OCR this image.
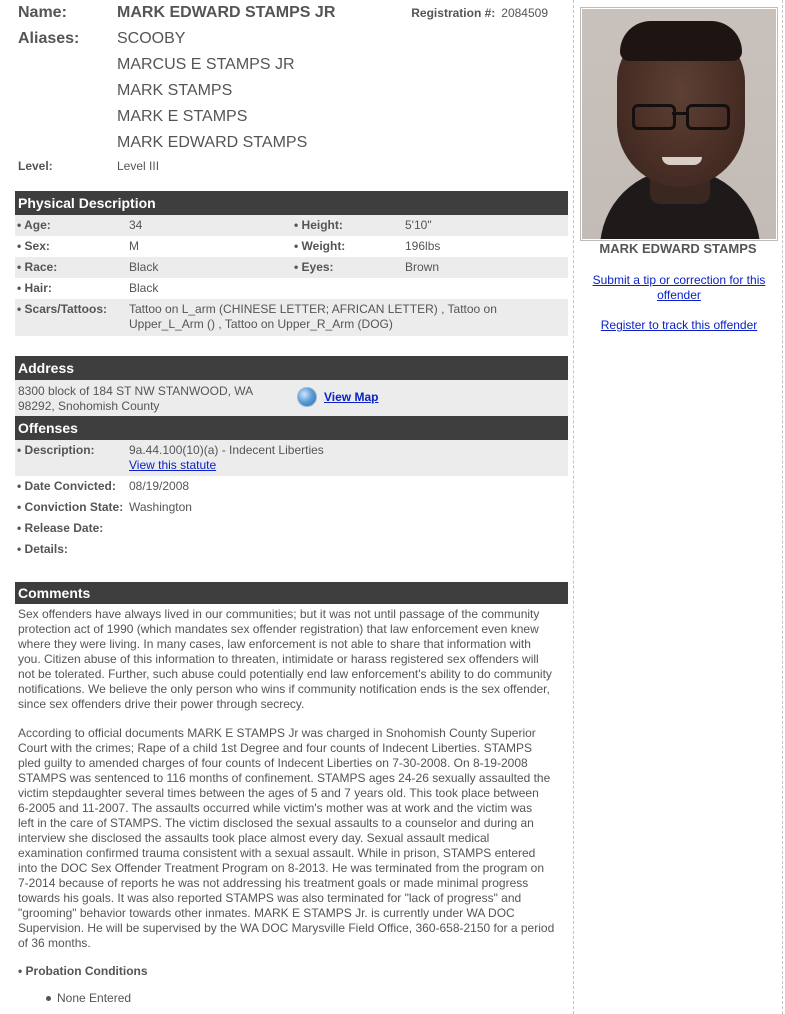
Name:	MARK EDWARD STAMPS JR	Registration #: 2084509
Aliases: SCOOBY
MARCUS E STAMPS JR
MARK STAMPS
MARK E STAMPS
MARK EDWARD STAMPS
Level:	Level III
Physical Description
• Age:	34	• Height:	5'10"
• Sex:	M	• Weight:	196lbs
• Race:	Black	• Eyes:	Brown
• Hair:	Black
• Scars/Tattoos: Tattoo on L_arm (CHINESE LETTER; AFRICAN LETTER) , Tattoo on
Upper_L_Arm () , Tattoo on Upper_R_Arm (DOG)
Address
8300 block of 184 ST NW STANWOOD, WA
98292, Snohomish County
View Map
Offenses
• Description:	9a.44.100(10)(a) - Indecent Liberties
View this statute
• Date Convicted: 08/19/2008
• Conviction State: Washington
• Release Date:
• Details:
Comments

Sex offenders have always lived in our communities; but it was not until passage of the community
protection act of 1990 (which mandates sex offender registration) that law enforcement even knew
where they were living. In many cases, law enforcement is not able to share that information with
you. Citizen abuse of this information to threaten, intimidate or harass registered sex offenders will
not be tolerated. Further, such abuse could potentially end law enforcement's ability to do community
notifications. We believe the only person who wins if community notification ends is the sex offender,
since sex offenders drive their power through secrecy.

According to official documents MARK E STAMPS Jr was charged in Snohomish County Superior
Court with the crimes; Rape of a child 1st Degree and four counts of Indecent Liberties. STAMPS
pled guilty to amended charges of four counts of Indecent Liberties on 7-30-2008. On 8-19-2008
STAMPS was sentenced to 116 months of confinement. STAMPS ages 24-26 sexually assaulted the
victim stepdaughter several times between the ages of 5 and 7 years old. This took place between
6-2005 and 11-2007. The assaults occurred while victim's mother was at work and the victim was
left in the care of STAMPS. The victim disclosed the sexual assaults to a counselor and during an
interview she disclosed the assaults took place almost every day. Sexual assault medical
examination confirmed trauma consistent with a sexual assault. While in prison, STAMPS entered
into the DOC Sex Offender Treatment Program on 8-2013. He was terminated from the program on
7-2014 because of reports he was not addressing his treatment goals or made minimal progress
towards his goals. It was also reported STAMPS was also terminated for "lack of progress" and
"grooming" behavior towards other inmates. MARK E STAMPS Jr. is currently under WA DOC
Supervision. He will be supervised by the WA DOC Marysville Field Office, 360-658-2150 for a period
of 36 months.

• Probation Conditions
None Entered
MARK EDWARD STAMPS
Submit a tip or correction for this
offender
Register to track this offender
